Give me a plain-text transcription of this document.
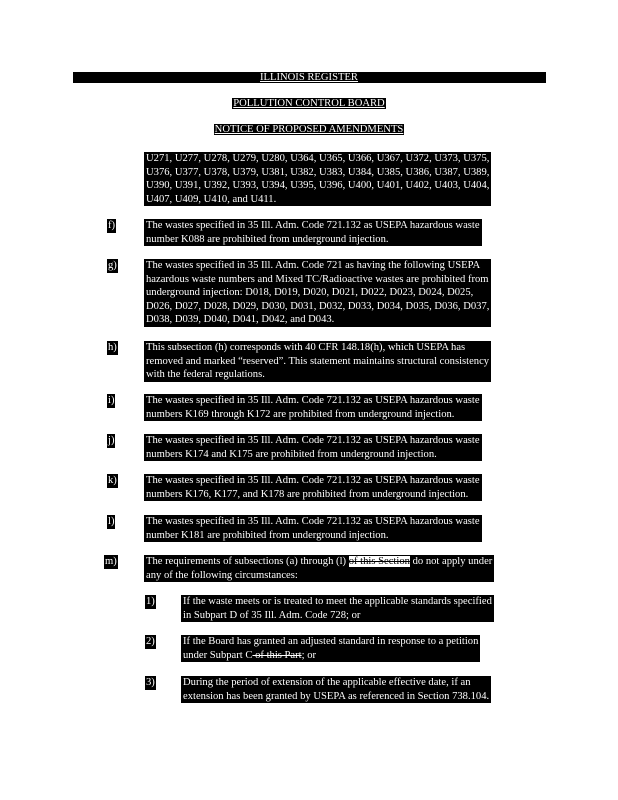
ILLINOIS REGISTER
POLLUTION CONTROL BOARD
NOTICE OF PROPOSED AMENDMENTS

U271, U277, U278, U279, U280, U364, U365, U366, U367, U372, U373, U375,

U376, U377, U378, U379, U381, U382, U383, U384, U385, U386, U387, U389,

U390, U391, U392, U393, U394, U395, U396, U400, U401, U402, U403, U404,

U407, U409, U410, and U411.

f)	The wastes specified in 35 Ill. Adm. Code 721.132 as USEPA hazardous waste

number K088 are prohibited from underground injection.

g)	The wastes specified in 35 Ill. Adm. Code 721 as having the following USEPA

hazardous waste numbers and Mixed TC/Radioactive wastes are prohibited from

underground injection: D018, D019, D020, D021, D022, D023, D024, D025,

D026, D027, D028, D029, D030, D031, D032, D033, D034, D035, D036, D037,

D038, D039, D040, D041, D042, and D043.

h)	This subsection (h) corresponds with 40 CFR 148.18(h), which USEPA has

removed and marked “reserved”. This statement maintains structural consistency

with the federal regulations.

i)	The wastes specified in 35 Ill. Adm. Code 721.132 as USEPA hazardous waste

numbers K169 through K172 are prohibited from underground injection.

j)	The wastes specified in 35 Ill. Adm. Code 721.132 as USEPA hazardous waste

numbers K174 and K175 are prohibited from underground injection.

k)	The wastes specified in 35 Ill. Adm. Code 721.132 as USEPA hazardous waste

numbers K176, K177, and K178 are prohibited from underground injection.

l)	The wastes specified in 35 Ill. Adm. Code 721.132 as USEPA hazardous waste

number K181 are prohibited from underground injection.

m)	The requirements of subsections (a) through (l) of this Section do not apply under

any of the following circumstances:

1)	If the waste meets or is treated to meet the applicable standards specified

in Subpart D of 35 Ill. Adm. Code 728; or

2)	If the Board has granted an adjusted standard in response to a petition

under Subpart C of this Part; or

3)	During the period of extension of the applicable effective date, if an

extension has been granted by USEPA as referenced in Section 738.104.
